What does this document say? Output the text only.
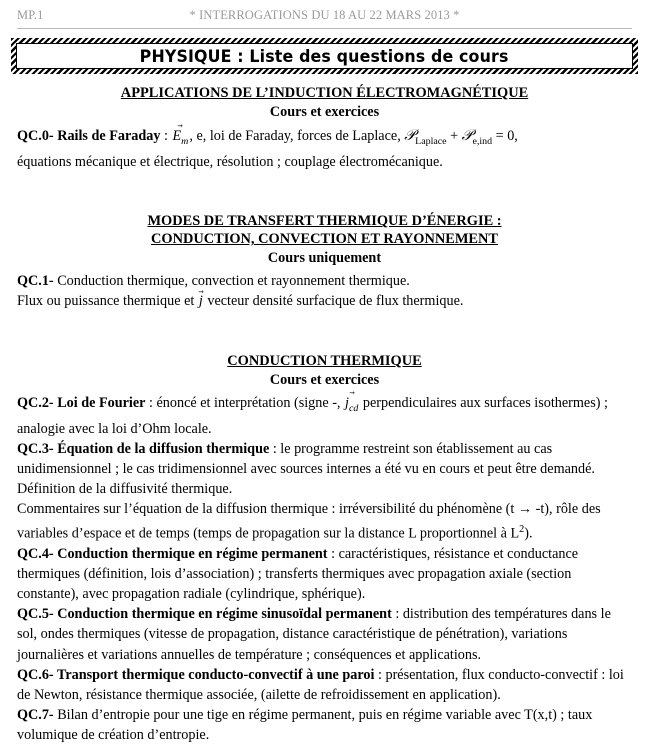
MP.1	* INTERROGATIONS DU 18 AU 22 MARS 2013 *
PHYSIQUE : Liste des questions de cours
APPLICATIONS DE L’INDUCTION ÉLECTROMAGNÉTIQUE
Cours et exercices

QC.0- Rails de Faraday : → $E_m$, e, loi de Faraday, forces de Laplace, 𝒫$_{Laplace}$ + 𝒫$_{e,ind}$ = 0,

équations mécanique et électrique, résolution ; couplage électromécanique.

MODES DE TRANSFERT THERMIQUE D’ÉNERGIE :
CONDUCTION, CONVECTION ET RAYONNEMENT
Cours uniquement

QC.1- Conduction thermique, convection et rayonnement thermique.

Flux ou puissance thermique et → j vecteur densité surfacique de flux thermique.

CONDUCTION THERMIQUE
Cours et exercices

QC.2- Loi de Fourier : énoncé et interprétation (signe -, → $j_{cd}$ perpendiculaires aux surfaces isothermes) ;

analogie avec la loi d’Ohm locale.

QC.3- Équation de la diffusion thermique : le programme restreint son établissement au cas unidimensionnel ; le cas tridimensionnel avec sources internes a été vu en cours et peut être demandé. Définition de la diffusivité thermique.

Commentaires sur l’équation de la diffusion thermique : irréversibilité du phénomène (t → -t), rôle des variables d’espace et de temps (temps de propagation sur la distance L proportionnel à $L^2$).

QC.4- Conduction thermique en régime permanent : caractéristiques, résistance et conductance thermiques (définition, lois d’association) ; transferts thermiques avec propagation axiale (section constante), avec propagation radiale (cylindrique, sphérique).

QC.5- Conduction thermique en régime sinusoïdal permanent : distribution des températures dans le sol, ondes thermiques (vitesse de propagation, distance caractéristique de pénétration), variations journalières et variations annuelles de température ; conséquences et applications.

QC.6- Transport thermique conducto-convectif à une paroi : présentation, flux conducto-convectif : loi de Newton, résistance thermique associée, (ailette de refroidissement en application).

QC.7- Bilan d’entropie pour une tige en régime permanent, puis en régime variable avec T(x,t) ; taux volumique de création d’entropie.
